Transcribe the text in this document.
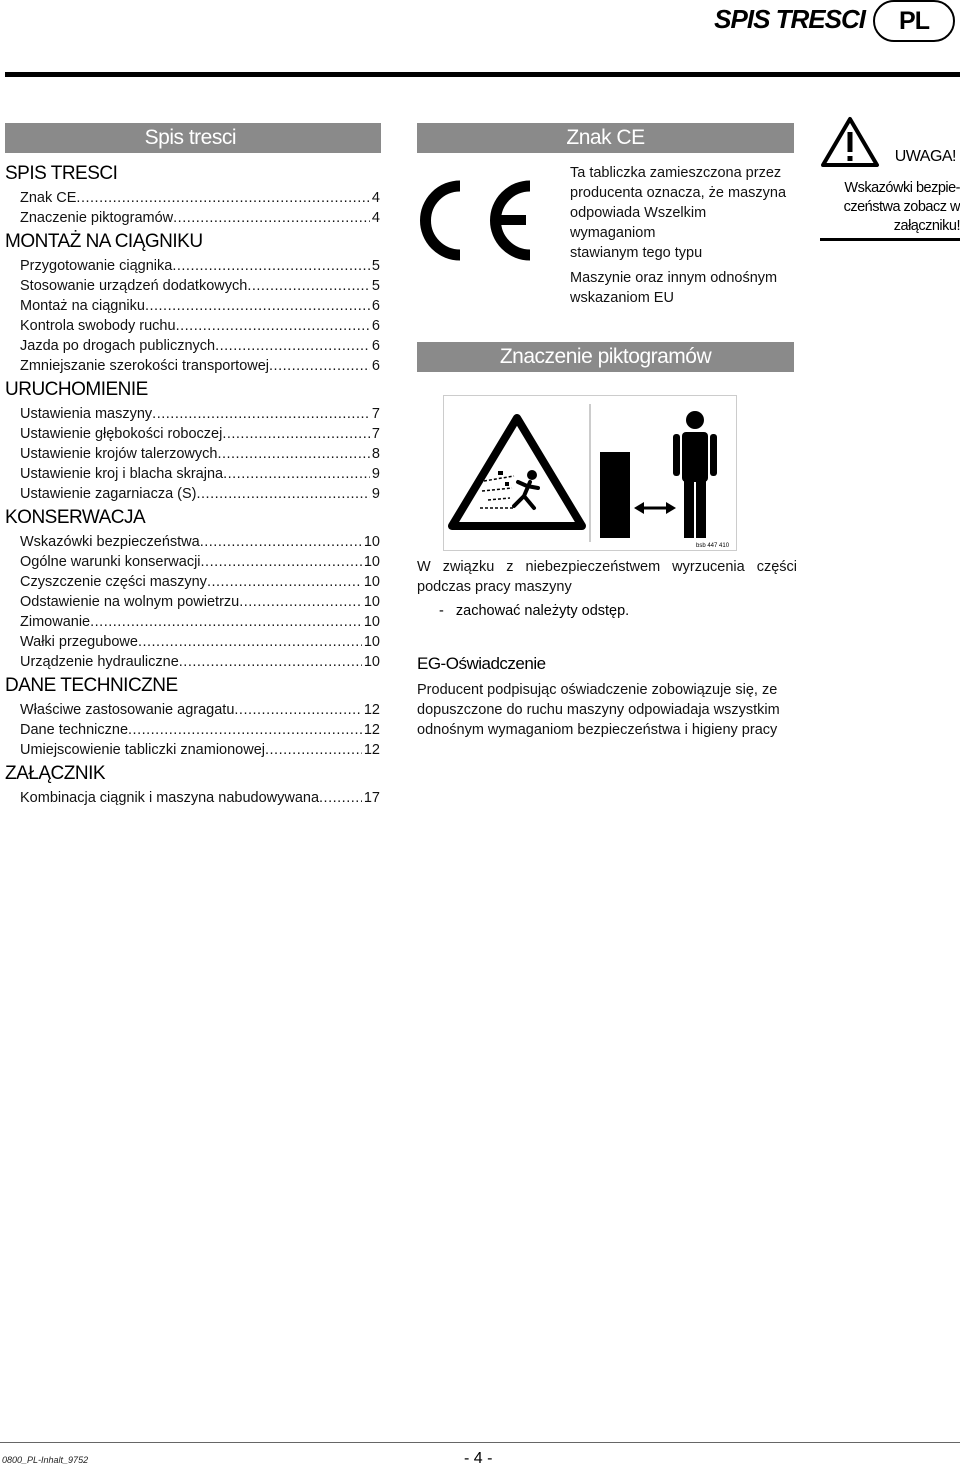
SPIS TRESCI	PL
Spis tresci
SPIS TRESCI
Znak CE .....	4
Znaczenie piktogramów .....	4
MONTAŻ NA CIĄGNIKU
Przygotowanie ciągnika .....	5
Stosowanie urządzeń dodatkowych .....	5
Montaż na ciągniku .....	6
Kontrola swobody ruchu .....	6
Jazda po drogach publicznych .....	6
Zmniejszanie szerokości transportowej .....	6
URUCHOMIENIE
Ustawienia maszyny .....	7
Ustawienie głębokości roboczej .....	7
Ustawienie krojów talerzowych .....	8
Ustawienie kroj i blacha skrajna .....	9
Ustawienie zagarniacza (S) .....	9
KONSERWACJA
Wskazówki bezpieczeństwa .....	10
Ogólne warunki konserwacji .....	10
Czyszczenie części maszyny .....	10
Odstawienie na wolnym powietrzu .....	10
Zimowanie .....	10
Wałki przegubowe .....	10
Urządzenie hydrauliczne .....	10
DANE TECHNICZNE
Właściwe zastosowanie agragatu .....	12
Dane techniczne .....	12
Umiejscowienie tabliczki znamionowej .....	12
ZAŁĄCZNIK
Kombinacja ciągnik i maszyna nabudowywana .....	17
Znak CE
Ta tabliczka zamieszczona przez
producenta oznacza, że maszyna
odpowiada Wszelkim wymaganiom
stawianym tego typu
Maszynie oraz innym odnośnym
wskazaniom EU
Znaczenie piktogramów
bsb 447 410
W związku z niebezpieczeństwem wyrzucenia części
podczas pracy maszyny
-   zachować należyty odstęp.
EG-Oświadczenie
Producent podpisując oświadczenie zobowiązuje się, ze
dopuszczone do ruchu maszyny odpowiadaja wszystkim
odnośnym wymaganiom bezpieczeństwa i higieny pracy
UWAGA!
Wskazówki bezpie-
czeństwa zobacz w
załączniku!
0800_PL-Inhalt_9752	- 4 -
